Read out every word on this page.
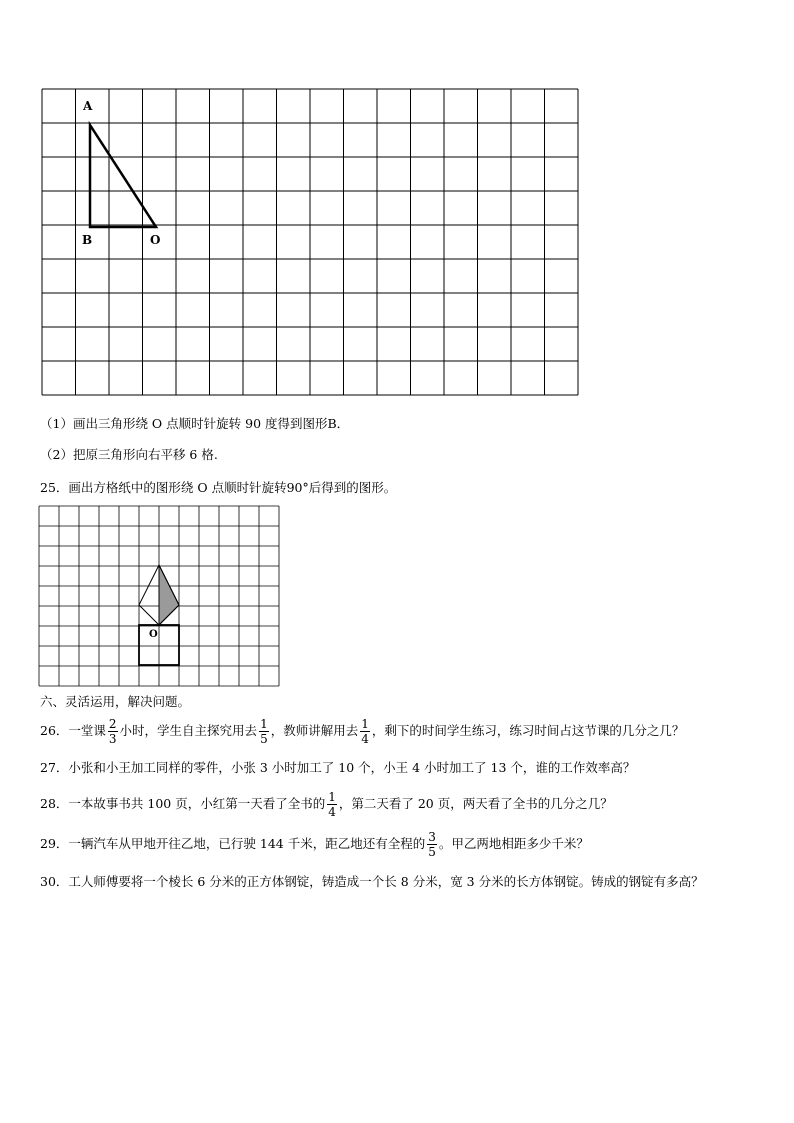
A
B	O
（1）画出三角形绕 O 点顺时针旋转 90 度得到图形B．
（2）把原三角形向右平移 6 格.
25．画出方格纸中的图形绕 O 点顺时针旋转90°后得到的图形。
O
六、灵活运用，解决问题。
26．一堂课 $\frac{2}{3}$ 小时，学生自主探究用去 $\frac{1}{5}$ ，教师讲解用去 $\frac{1}{4}$ ，剩下的时间学生练习，练习时间占这节课的几分之几？
27．小张和小王加工同样的零件，小张 3 小时加工了 10 个，小王 4 小时加工了 13 个，谁的工作效率高？
28．一本故事书共 100 页，小红第一天看了全书的 $\frac{1}{4}$ ，第二天看了 20 页，两天看了全书的几分之几？
29．一辆汽车从甲地开往乙地，已行驶 144 千米，距乙地还有全程的 $\frac{3}{5}$ 。甲乙两地相距多少千米？
30．工人师傅要将一个棱长 6 分米的正方体钢锭，铸造成一个长 8 分米，宽 3 分米的长方体钢锭。铸成的钢锭有多高？
